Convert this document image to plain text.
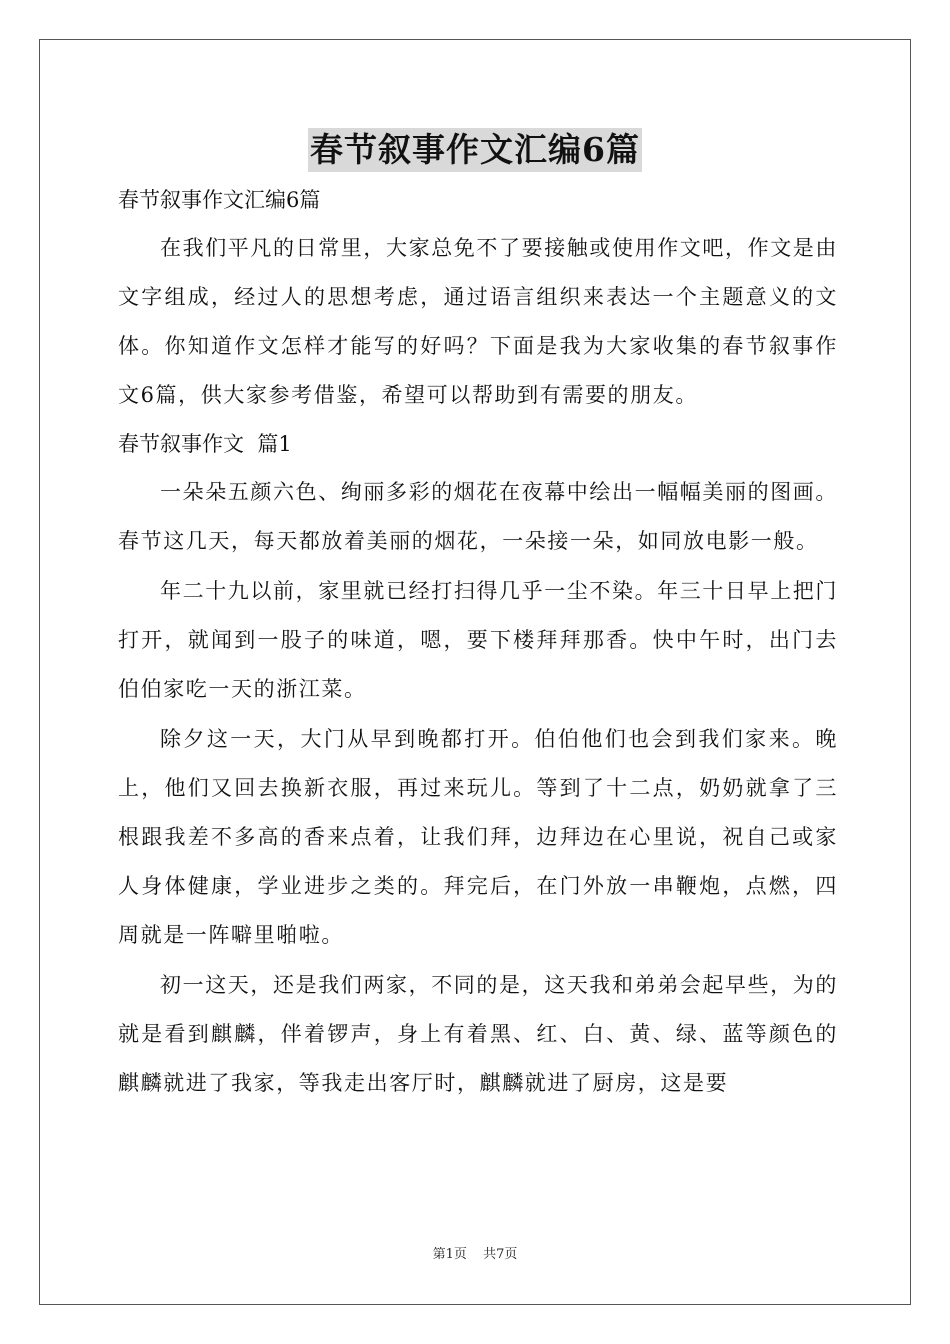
春节叙事作文汇编6篇

春节叙事作文汇编6篇

在我们平凡的日常里，大家总免不了要接触或使用作文吧，作文是由文字组成，经过人的思想考虑，通过语言组织来表达一个主题意义的文体。你知道作文怎样才能写的好吗？下面是我为大家收集的春节叙事作文6篇，供大家参考借鉴，希望可以帮助到有需要的朋友。

春节叙事作文  篇1

一朵朵五颜六色、绚丽多彩的烟花在夜幕中绘出一幅幅美丽的图画。春节这几天，每天都放着美丽的烟花，一朵接一朵，如同放电影一般。

年二十九以前，家里就已经打扫得几乎一尘不染。年三十日早上把门打开，就闻到一股子的味道，嗯，要下楼拜拜那香。快中午时，出门去伯伯家吃一天的浙江菜。

除夕这一天，大门从早到晚都打开。伯伯他们也会到我们家来。晚上，他们又回去换新衣服，再过来玩儿。等到了十二点，奶奶就拿了三根跟我差不多高的香来点着，让我们拜，边拜边在心里说，祝自己或家人身体健康，学业进步之类的。拜完后，在门外放一串鞭炮，点燃，四周就是一阵噼里啪啦。

初一这天，还是我们两家，不同的是，这天我和弟弟会起早些，为的就是看到麒麟，伴着锣声，身上有着黑、红、白、黄、绿、蓝等颜色的麒麟就进了我家，等我走出客厅时，麒麟就进了厨房，这是要

第1页 共7页
